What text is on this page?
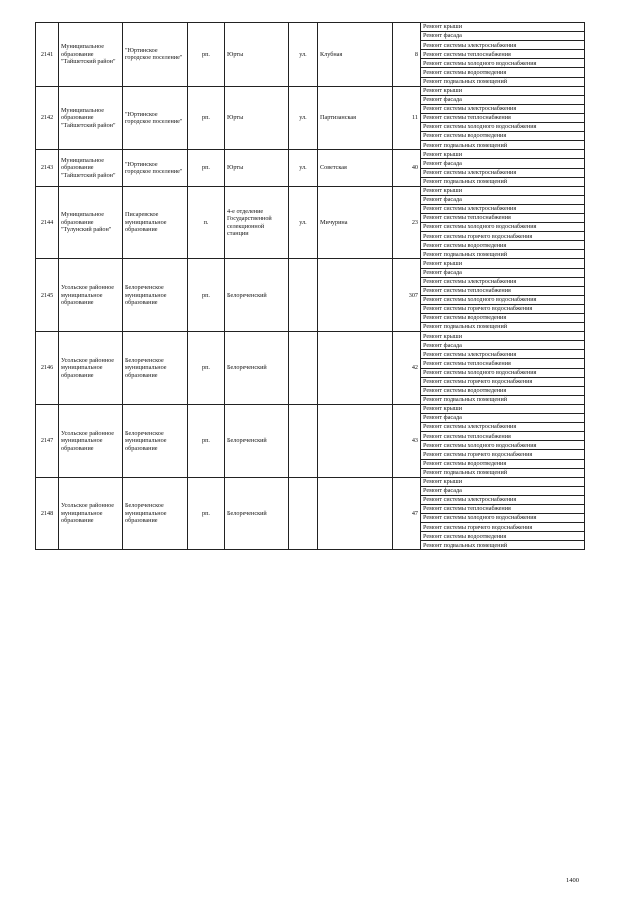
2141	Муниципальное образование "Тайшетский район"	"Юртинское городское поселение"	рп.	Юрты	ул.	Клубная	8	Ремонт крыши
								Ремонт фасада
								Ремонт системы электроснабжения
								Ремонт системы теплоснабжения
								Ремонт системы холодного водоснабжения
								Ремонт системы водоотведения
								Ремонт подвальных помещений
2142	Муниципальное образование "Тайшетский район"	"Юртинское городское поселение"	рп.	Юрты	ул.	Партизанская	11	Ремонт крыши
								Ремонт фасада
								Ремонт системы электроснабжения
								Ремонт системы теплоснабжения
								Ремонт системы холодного водоснабжения
								Ремонт системы водоотведения
								Ремонт подвальных помещений
2143	Муниципальное образование "Тайшетский район"	"Юртинское городское поселение"	рп.	Юрты	ул.	Советская	40	Ремонт крыши
								Ремонт фасада
								Ремонт системы электроснабжения
								Ремонт подвальных помещений
2144	Муниципальное образование "Тулунский район"	Писаревское муниципальное образование	п.	4-е отделение Государственной селекционной станции	ул.	Мичурина	23	Ремонт крыши
								Ремонт фасада
								Ремонт системы электроснабжения
								Ремонт системы теплоснабжения
								Ремонт системы холодного водоснабжения
								Ремонт системы горячего водоснабжения
								Ремонт системы водоотведения
								Ремонт подвальных помещений
2145	Усольское районное муниципальное образование	Белореченское муниципальное образование	рп.	Белореченский			307	Ремонт крыши
								Ремонт фасада
								Ремонт системы электроснабжения
								Ремонт системы теплоснабжения
								Ремонт системы холодного водоснабжения
								Ремонт системы горячего водоснабжения
								Ремонт системы водоотведения
								Ремонт подвальных помещений
2146	Усольское районное муниципальное образование	Белореченское муниципальное образование	рп.	Белореченский			42	Ремонт крыши
								Ремонт фасада
								Ремонт системы электроснабжения
								Ремонт системы теплоснабжения
								Ремонт системы холодного водоснабжения
								Ремонт системы горячего водоснабжения
								Ремонт системы водоотведения
								Ремонт подвальных помещений
2147	Усольское районное муниципальное образование	Белореченское муниципальное образование	рп.	Белореченский			43	Ремонт крыши
								Ремонт фасада
								Ремонт системы электроснабжения
								Ремонт системы теплоснабжения
								Ремонт системы холодного водоснабжения
								Ремонт системы горячего водоснабжения
								Ремонт системы водоотведения
								Ремонт подвальных помещений
2148	Усольское районное муниципальное образование	Белореченское муниципальное образование	рп.	Белореченский			47	Ремонт крыши
								Ремонт фасада
								Ремонт системы электроснабжения
								Ремонт системы теплоснабжения
								Ремонт системы холодного водоснабжения
								Ремонт системы горячего водоснабжения
								Ремонт системы водоотведения
								Ремонт подвальных помещений
1400
